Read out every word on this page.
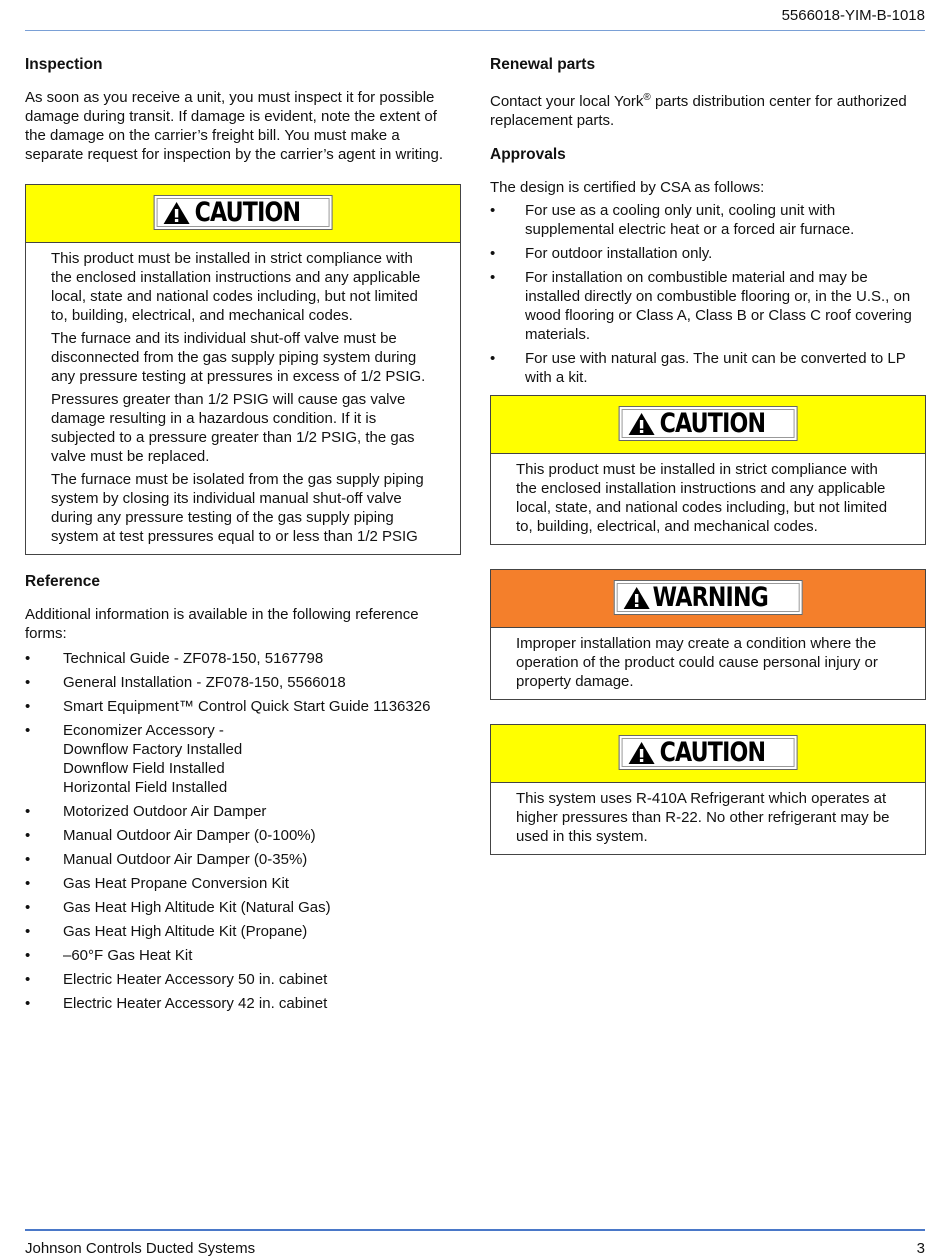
5566018-YIM-B-1018
Inspection

As soon as you receive a unit, you must inspect it for possible damage during transit. If damage is evident, note the extent of the damage on the carrier’s freight bill. You must make a separate request for inspection by the carrier’s agent in writing.

CAUTION

This product must be installed in strict compliance with the enclosed installation instructions and any applicable local, state and national codes including, but not limited to, building, electrical, and mechanical codes.

The furnace and its individual shut-off valve must be disconnected from the gas supply piping system during any pressure testing at pressures in excess of 1/2 PSIG.

Pressures greater than 1/2 PSIG will cause gas valve damage resulting in a hazardous condition. If it is subjected to a pressure greater than 1/2 PSIG, the gas valve must be replaced.

The furnace must be isolated from the gas supply piping system by closing its individual manual shut-off valve during any pressure testing of the gas supply piping system at test pressures equal to or less than 1/2 PSIG

Reference

Additional information is available in the following reference forms:

• Technical Guide - ZF078-150, 5167798
• General Installation - ZF078-150, 5566018
• Smart Equipment™ Control Quick Start Guide 1136326
• Economizer Accessory -
Downflow Factory Installed
Downflow Field Installed
Horizontal Field Installed
• Motorized Outdoor Air Damper
• Manual Outdoor Air Damper (0-100%)
• Manual Outdoor Air Damper (0-35%)
• Gas Heat Propane Conversion Kit
• Gas Heat High Altitude Kit (Natural Gas)
• Gas Heat High Altitude Kit (Propane)
• –60°F Gas Heat Kit
• Electric Heater Accessory 50 in. cabinet
• Electric Heater Accessory 42 in. cabinet
Renewal parts

Contact your local York® parts distribution center for authorized replacement parts.

Approvals

The design is certified by CSA as follows:

• For use as a cooling only unit, cooling unit with supplemental electric heat or a forced air furnace.
• For outdoor installation only.
• For installation on combustible material and may be installed directly on combustible flooring or, in the U.S., on wood flooring or Class A, Class B or Class C roof covering materials.
• For use with natural gas. The unit can be converted to LP with a kit.
CAUTION

This product must be installed in strict compliance with the enclosed installation instructions and any applicable local, state, and national codes including, but not limited to, building, electrical, and mechanical codes.

WARNING

Improper installation may create a condition where the operation of the product could cause personal injury or property damage.

CAUTION

This system uses R-410A Refrigerant which operates at higher pressures than R-22. No other refrigerant may be used in this system.

Johnson Controls Ducted Systems	3
